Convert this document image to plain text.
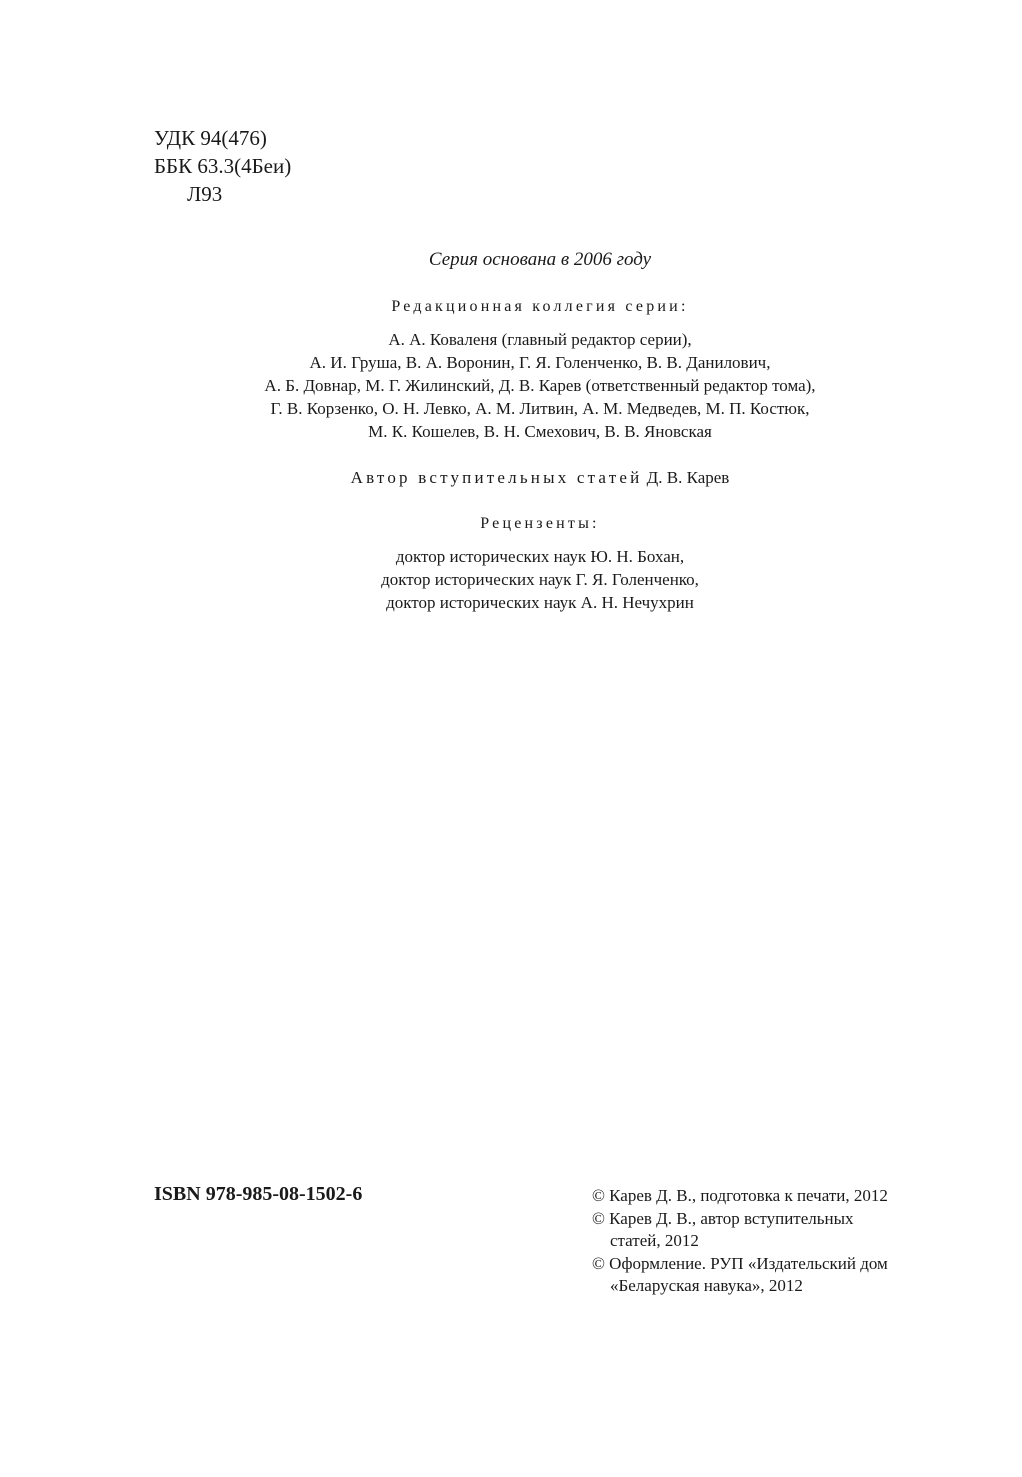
УДК 94(476)
ББК 63.3(4Беи)
Л93
Серия основана в 2006 году
Редакционная коллегия серии:
А. А. Коваленя (главный редактор серии),
А. И. Груша, В. А. Воронин, Г. Я. Голенченко, В. В. Данилович,
А. Б. Довнар, М. Г. Жилинский, Д. В. Карев (ответственный редактор тома),
Г. В. Корзенко, О. Н. Левко, А. М. Литвин, А. М. Медведев, М. П. Костюк,
М. К. Кошелев, В. Н. Смехович, В. В. Яновская
Автор вступительных статей Д. В. Карев
Рецензенты:
доктор исторических наук Ю. Н. Бохан,
доктор исторических наук Г. Я. Голенченко,
доктор исторических наук А. Н. Нечухрин
ISBN 978-985-08-1502-6	© Карев Д. В., подготовка к печати, 2012
© Карев Д. В., автор вступительных
статей, 2012
© Оформление. РУП «Издательский дом
«Беларуская навука», 2012
